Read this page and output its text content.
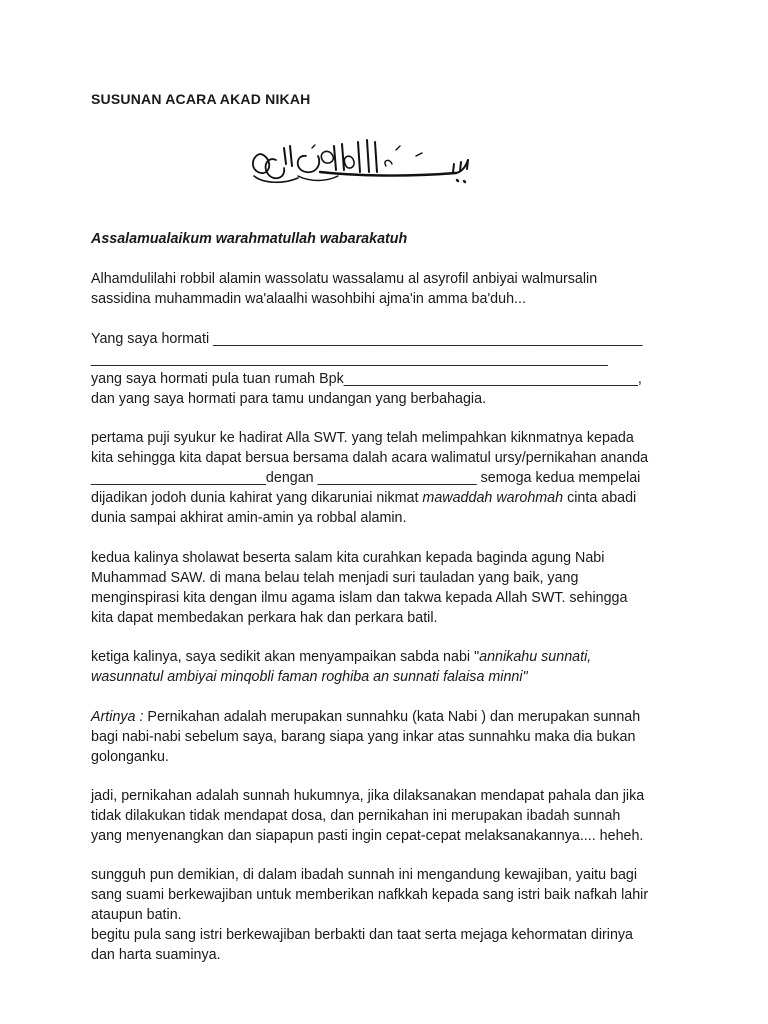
SUSUNAN ACARA AKAD NIKAH
Assalamualaikum warahmatullah wabarakatuh
Alhamdulilahi robbil alamin wassolatu wassalamu al asyrofil anbiyai walmursalin
sassidina muhammadin wa'alaalhi wasohbihi ajma'in amma ba'duh...
Yang saya hormati ______________________________________________________
_________________________________________________________________
yang saya hormati pula tuan rumah Bpk_____________________________________,
dan yang saya hormati para tamu undangan yang berbahagia.
pertama puji syukur ke hadirat Alla SWT. yang telah melimpahkan kiknmatnya kepada
kita sehingga kita dapat bersua bersama dalah acara walimatul ursy/pernikahan ananda
______________________dengan ____________________ semoga kedua mempelai
dijadikan jodoh dunia kahirat yang dikaruniai nikmat mawaddah warohmah cinta abadi
dunia sampai akhirat amin-amin ya robbal alamin.
kedua kalinya sholawat beserta salam kita curahkan kepada baginda agung Nabi
Muhammad SAW. di mana belau telah menjadi suri tauladan yang baik, yang
menginspirasi kita dengan ilmu agama islam dan takwa kepada Allah SWT. sehingga
kita dapat membedakan perkara hak dan perkara batil.
ketiga kalinya, saya sedikit akan menyampaikan sabda nabi "annikahu sunnati,
wasunnatul ambiyai minqobli faman roghiba an sunnati falaisa minni"
Artinya : Pernikahan adalah merupakan sunnahku (kata Nabi ) dan merupakan sunnah
bagi nabi-nabi sebelum saya, barang siapa yang inkar atas sunnahku maka dia bukan
golonganku.
jadi, pernikahan adalah sunnah hukumnya, jika dilaksanakan mendapat pahala dan jika
tidak dilakukan tidak mendapat dosa, dan pernikahan ini merupakan ibadah sunnah
yang menyenangkan dan siapapun pasti ingin cepat-cepat melaksanakannya.... heheh.
sungguh pun demikian, di dalam ibadah sunnah ini mengandung kewajiban, yaitu bagi
sang suami berkewajiban untuk memberikan nafkkah kepada sang istri baik nafkah lahir
ataupun batin.
begitu pula sang istri berkewajiban berbakti dan taat serta mejaga kehormatan dirinya
dan harta suaminya.
